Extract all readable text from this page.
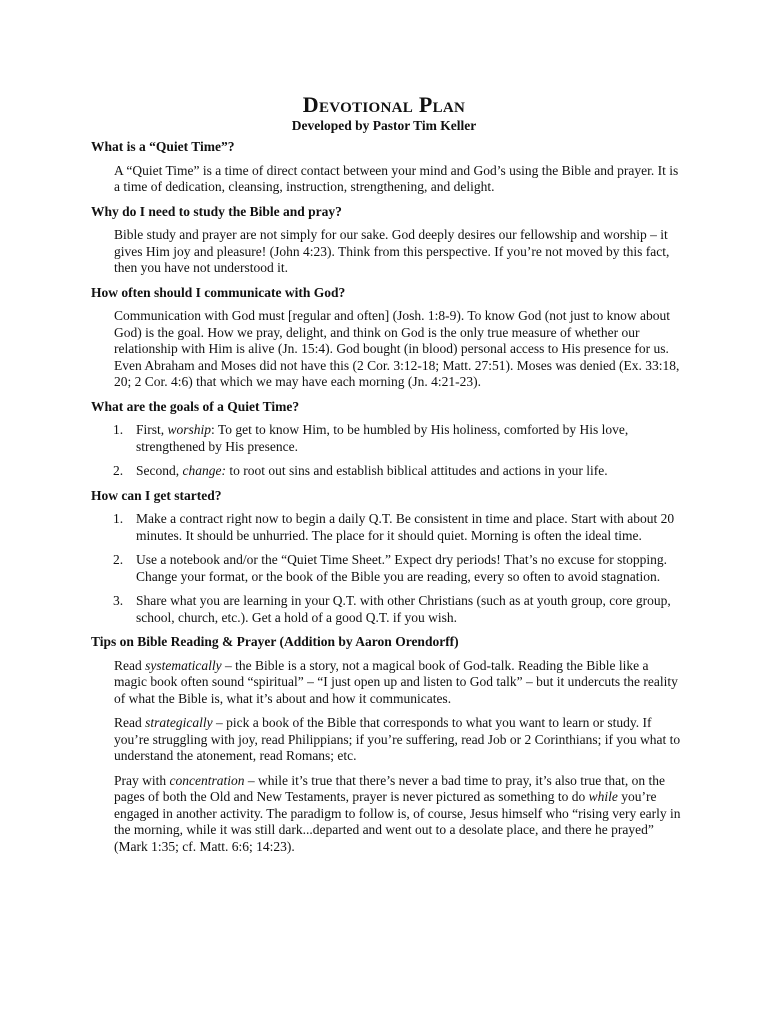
Devotional Plan
Developed by Pastor Tim Keller
What is a “Quiet Time”?
A “Quiet Time” is a time of direct contact between your mind and God’s using the Bible and prayer. It is a time of dedication, cleansing, instruction, strengthening, and delight.
Why do I need to study the Bible and pray?
Bible study and prayer are not simply for our sake. God deeply desires our fellowship and worship – it gives Him joy and pleasure! (John 4:23). Think from this perspective. If you’re not moved by this fact, then you have not understood it.
How often should I communicate with God?
Communication with God must [regular and often] (Josh. 1:8-9). To know God (not just to know about God) is the goal. How we pray, delight, and think on God is the only true measure of whether our relationship with Him is alive (Jn. 15:4). God bought (in blood) personal access to His presence for us. Even Abraham and Moses did not have this (2 Cor. 3:12-18; Matt. 27:51). Moses was denied (Ex. 33:18, 20; 2 Cor. 4:6) that which we may have each morning (Jn. 4:21-23).
What are the goals of a Quiet Time?
1. First, worship: To get to know Him, to be humbled by His holiness, comforted by His love, strengthened by His presence.
2. Second, change: to root out sins and establish biblical attitudes and actions in your life.
How can I get started?
1. Make a contract right now to begin a daily Q.T. Be consistent in time and place. Start with about 20 minutes. It should be unhurried. The place for it should quiet. Morning is often the ideal time.
2. Use a notebook and/or the “Quiet Time Sheet.” Expect dry periods! That’s no excuse for stopping. Change your format, or the book of the Bible you are reading, every so often to avoid stagnation.
3. Share what you are learning in your Q.T. with other Christians (such as at youth group, core group, school, church, etc.). Get a hold of a good Q.T. if you wish.
Tips on Bible Reading & Prayer (Addition by Aaron Orendorff)
Read systematically – the Bible is a story, not a magical book of God-talk. Reading the Bible like a magic book often sound “spiritual” – “I just open up and listen to God talk” – but it undercuts the reality of what the Bible is, what it’s about and how it communicates.
Read strategically – pick a book of the Bible that corresponds to what you want to learn or study. If you’re struggling with joy, read Philippians; if you’re suffering, read Job or 2 Corinthians; if you what to understand the atonement, read Romans; etc.
Pray with concentration – while it’s true that there’s never a bad time to pray, it’s also true that, on the pages of both the Old and New Testaments, prayer is never pictured as something to do while you’re engaged in another activity. The paradigm to follow is, of course, Jesus himself who “rising very early in the morning, while it was still dark...departed and went out to a desolate place, and there he prayed” (Mark 1:35; cf. Matt. 6:6; 14:23).
